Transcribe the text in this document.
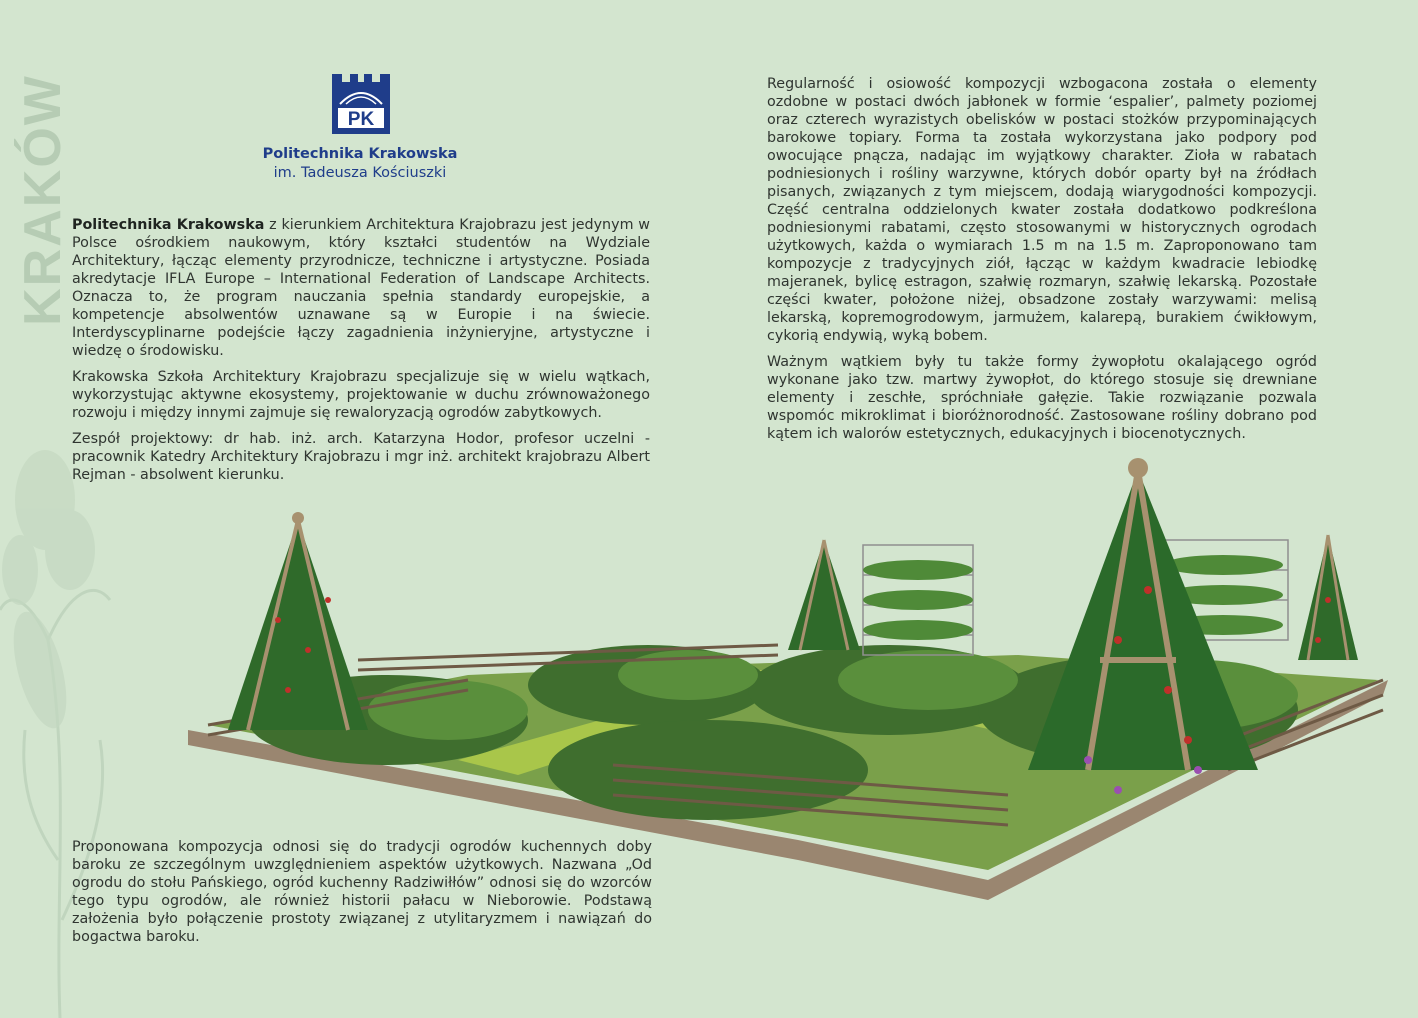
KRAKÓW	PK
Politechnika Krakowska
im. Tadeusza Kościuszki

Politechnika Krakowska z kierunkiem Architektura Krajobrazu jest jedynym w Polsce ośrodkiem naukowym, który kształci studentów na Wydziale Architektury, łącząc elementy przyrodnicze, techniczne i artystyczne. Posiada akredytacje IFLA Europe – International Federation of Landscape Architects. Oznacza to, że program nauczania spełnia standardy europejskie, a kompetencje absolwentów uznawane są w Europie i na świecie. Interdyscyplinarne podejście łączy zagadnienia inżynieryjne, artystyczne i wiedzę o środowisku.

Krakowska Szkoła Architektury Krajobrazu specjalizuje się w wielu wątkach, wykorzystując aktywne ekosystemy, projektowanie w duchu zrównoważonego rozwoju i między innymi zajmuje się rewaloryzacją ogrodów zabytkowych.

Zespół projektowy: dr hab. inż. arch. Katarzyna Hodor, profesor uczelni - pracownik Katedry Architektury Krajobrazu i mgr inż. architekt krajobrazu Albert Rejman - absolwent kierunku.

Regularność i osiowość kompozycji wzbogacona została o elementy ozdobne w postaci dwóch jabłonek w formie ‘espalier’, palmety poziomej oraz czterech wyrazistych obelisków w postaci stożków przypominających barokowe topiary. Forma ta została wykorzystana jako podpory pod owocujące pnącza, nadając im wyjątkowy charakter. Zioła w rabatach podniesionych i rośliny warzywne, których dobór oparty był na źródłach pisanych, związanych z tym miejscem, dodają wiarygodności kompozycji. Część centralna oddzielonych kwater została dodatkowo podkreślona podniesionymi rabatami, często stosowanymi w historycznych ogrodach użytkowych, każda o wymiarach 1.5 m na 1.5 m. Zaproponowano tam kompozycje z tradycyjnych ziół, łącząc w każdym kwadracie lebiodkę majeranek, bylicę estragon, szałwię rozmaryn, szałwię lekarską. Pozostałe części kwater, położone niżej, obsadzone zostały warzywami: melisą lekarską, kopremogrodowym, jarmużem, kalarepą, burakiem ćwikłowym, cykorią endywią, wyką bobem.

Ważnym wątkiem były tu także formy żywopłotu okalającego ogród wykonane jako tzw. martwy żywopłot, do którego stosuje się drewniane elementy i zeschłe, spróchniałe gałęzie. Takie rozwiązanie pozwala wspomóc mikroklimat i bioróżnorodność. Zastosowane rośliny dobrano pod kątem ich walorów estetycznych, edukacyjnych i biocenotycznych.

Proponowana kompozycja odnosi się do tradycji ogrodów kuchennych doby baroku ze szczególnym uwzględnieniem aspektów użytkowych. Nazwana „Od ogrodu do stołu Pańskiego, ogród kuchenny Radziwiłłów” odnosi się do wzorców tego typu ogrodów, ale również historii pałacu w Nieborowie. Podstawą założenia było połączenie prostoty związanej z utylitaryzmem i nawiązań do bogactwa baroku.
